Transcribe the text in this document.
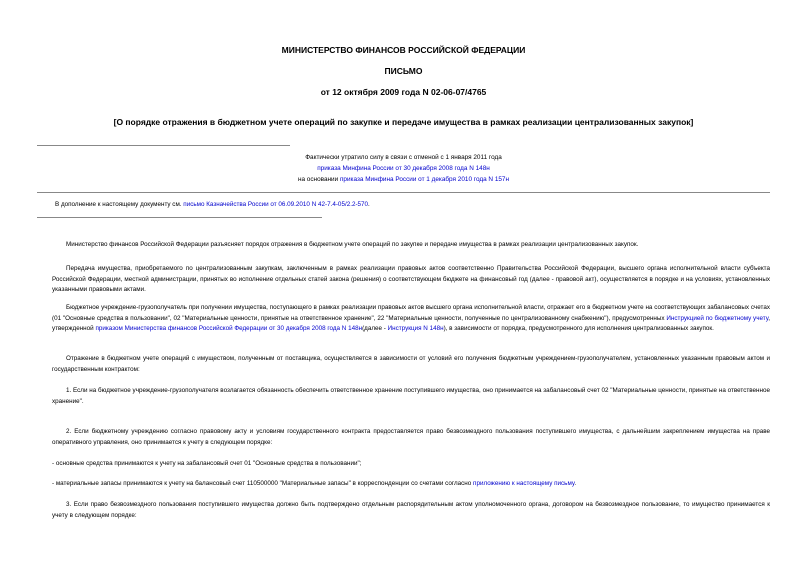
МИНИСТЕРСТВО ФИНАНСОВ РОССИЙСКОЙ ФЕДЕРАЦИИ
ПИСЬМО
от 12 октября 2009 года N 02-06-07/4765
[О порядке отражения в бюджетном учете операций по закупке и передаче имущества в рамках реализации централизованных закупок]
Фактически утратило силу в связи с отменой с 1 января 2011 года
приказа Минфина России от 30 декабря 2008 года N 148н
на основании приказа Минфина России от 1 декабря 2010 года N 157н
В дополнение к настоящему документу см. письмо Казначейства России от 06.09.2010 N 42-7.4-05/2.2-570.
Министерство финансов Российской Федерации разъясняет порядок отражения в бюджетном учете операций по закупке и передаче имущества в рамках реализации централизованных закупок.
Передача имущества, приобретаемого по централизованным закупкам, заключенным в рамках реализации правовых актов соответственно Правительства Российской Федерации, высшего органа исполнительной власти субъекта Российской Федерации, местной администрации, принятых во исполнение отдельных статей закона (решения) о соответствующем бюджете на финансовый год (далее - правовой акт), осуществляется в порядке и на условиях, установленных указанными правовыми актами.
Бюджетное учреждение-грузополучатель при получении имущества, поступающего в рамках реализации правовых актов высшего органа исполнительной власти, отражает его в бюджетном учете на соответствующих забалансовых счетах (01 "Основные средства в пользовании", 02 "Материальные ценности, принятые на ответственное хранение", 22 "Материальные ценности, полученные по централизованному снабжению"), предусмотренных Инструкцией по бюджетному учету, утвержденной приказом Министерства финансов Российской Федерации от 30 декабря 2008 года N 148н(далее - Инструкция N 148н), в зависимости от порядка, предусмотренного для исполнения централизованных закупок.
Отражение в бюджетном учете операций с имуществом, полученным от поставщика, осуществляется в зависимости от условий его получения бюджетным учреждением-грузополучателем, установленных указанным правовым актом и государственным контрактом:
1. Если на бюджетное учреждение-грузополучателя возлагается обязанность обеспечить ответственное хранение поступившего имущества, оно принимается на забалансовый счет 02 "Материальные ценности, принятые на ответственное хранение".
2. Если бюджетному учреждению согласно правовому акту и условиям государственного контракта предоставляется право безвозмездного пользования поступившего имущества, с дальнейшим закреплением имущества на праве оперативного управления, оно принимается к учету в следующем порядке:
- основные средства принимаются к учету на забалансовый счет 01 "Основные средства в пользовании";
- материальные запасы принимаются к учету на балансовый счет 110500000 "Материальные запасы" в корреспонденции со счетами согласно приложению к настоящему письму.
3. Если право безвозмездного пользования поступившего имущества должно быть подтверждено отдельным распорядительным актом уполномоченного органа, договором на безвозмездное пользование, то имущество принимается к учету в следующем порядке:
